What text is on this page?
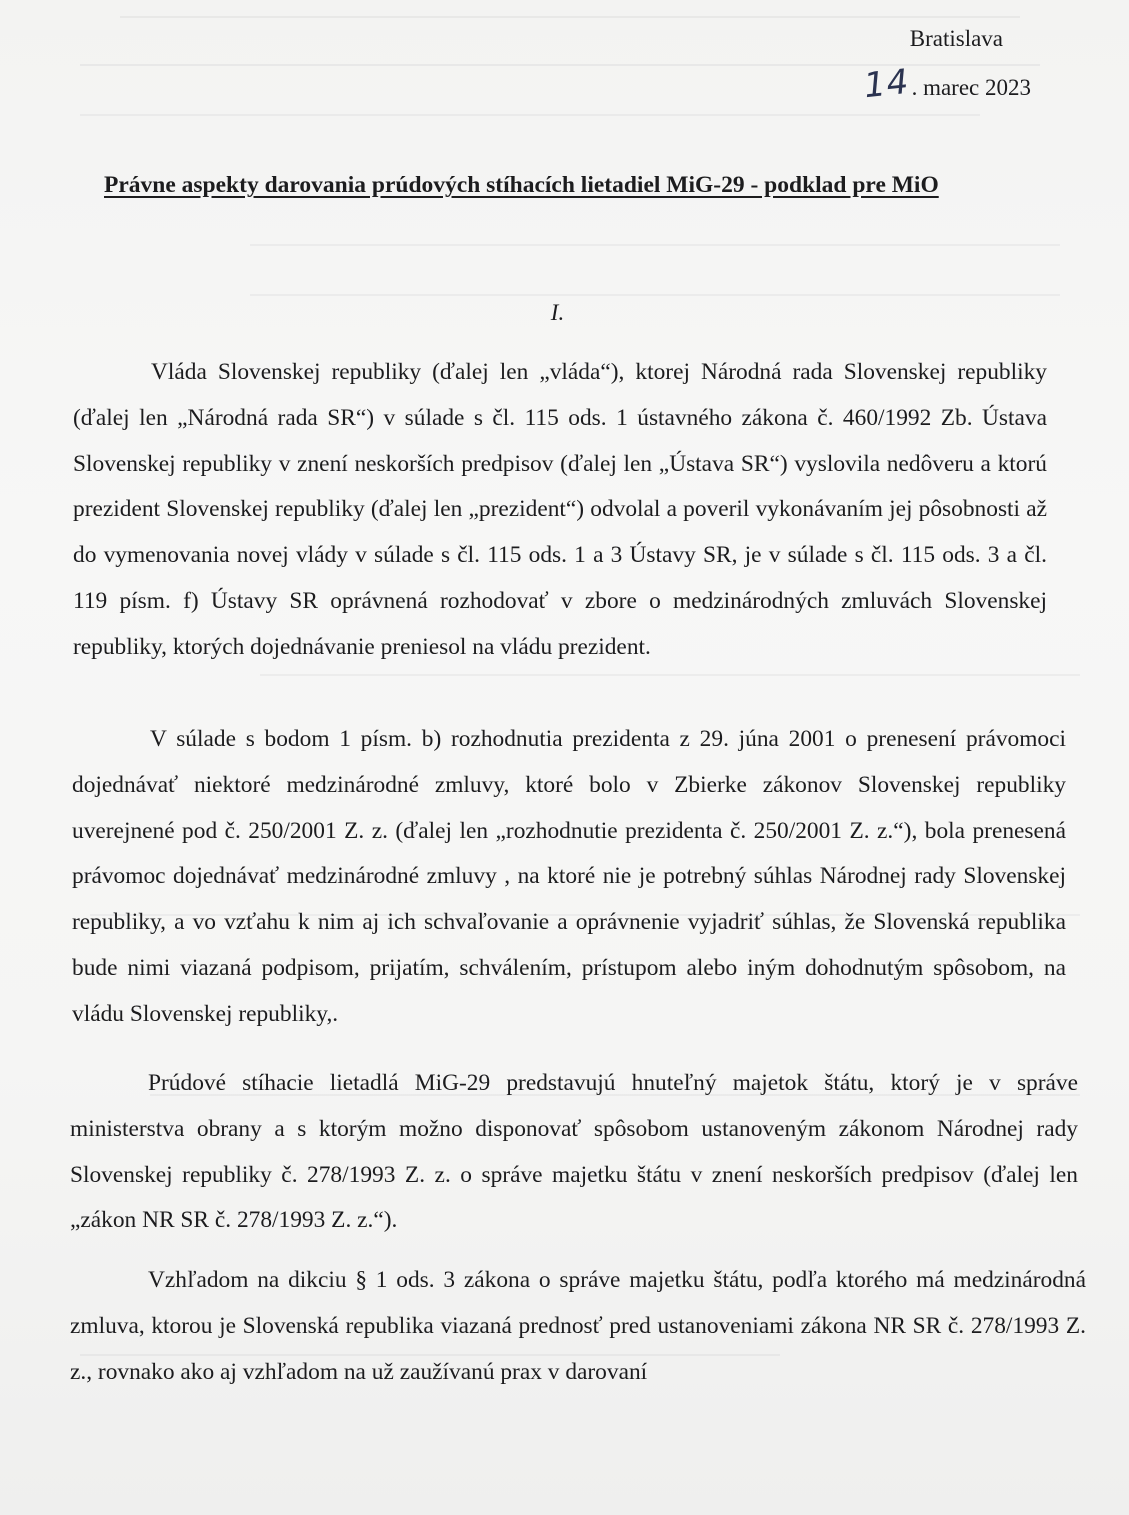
Bratislava
14 . marec 2023
Právne aspekty darovania prúdových stíhacích lietadiel MiG-29 - podklad pre MiO
I.

Vláda Slovenskej republiky (ďalej len „vláda“), ktorej Národná rada Slovenskej republiky (ďalej len „Národná rada SR“) v súlade s čl. 115 ods. 1 ústavného zákona č. 460/1992 Zb. Ústava Slovenskej republiky v znení neskorších predpisov (ďalej len „Ústava SR“) vyslovila nedôveru a ktorú prezident Slovenskej republiky (ďalej len „prezident“) odvolal a poveril vykonávaním jej pôsobnosti až do vymenovania novej vlády v súlade s čl. 115 ods. 1 a 3 Ústavy SR, je v súlade s čl. 115 ods. 3 a čl. 119 písm. f) Ústavy SR oprávnená rozhodovať v zbore o medzinárodných zmluvách Slovenskej republiky, ktorých dojednávanie preniesol na vládu prezident.

V súlade s bodom 1 písm. b) rozhodnutia prezidenta z 29. júna 2001 o prenesení právomoci dojednávať niektoré medzinárodné zmluvy, ktoré bolo v Zbierke zákonov Slovenskej republiky uverejnené pod č. 250/2001 Z. z. (ďalej len „rozhodnutie prezidenta č. 250/2001 Z. z.“), bola prenesená právomoc dojednávať medzinárodné zmluvy , na ktoré nie je potrebný súhlas Národnej rady Slovenskej republiky, a vo vzťahu k nim aj ich schvaľovanie a oprávnenie vyjadriť súhlas, že Slovenská republika bude nimi viazaná podpisom, prijatím, schválením, prístupom alebo iným dohodnutým spôsobom, na vládu Slovenskej republiky,.

Prúdové stíhacie lietadlá MiG-29 predstavujú hnuteľný majetok štátu, ktorý je v správe ministerstva obrany a s ktorým možno disponovať spôsobom ustanoveným zákonom Národnej rady Slovenskej republiky č. 278/1993 Z. z. o správe majetku štátu v znení neskorších predpisov (ďalej len „zákon NR SR č. 278/1993 Z. z.“).

Vzhľadom na dikciu § 1 ods. 3 zákona o správe majetku štátu, podľa ktorého má medzinárodná zmluva, ktorou je Slovenská republika viazaná prednosť pred ustanoveniami zákona NR SR č. 278/1993 Z. z., rovnako ako aj vzhľadom na už zaužívanú prax v darovaní
